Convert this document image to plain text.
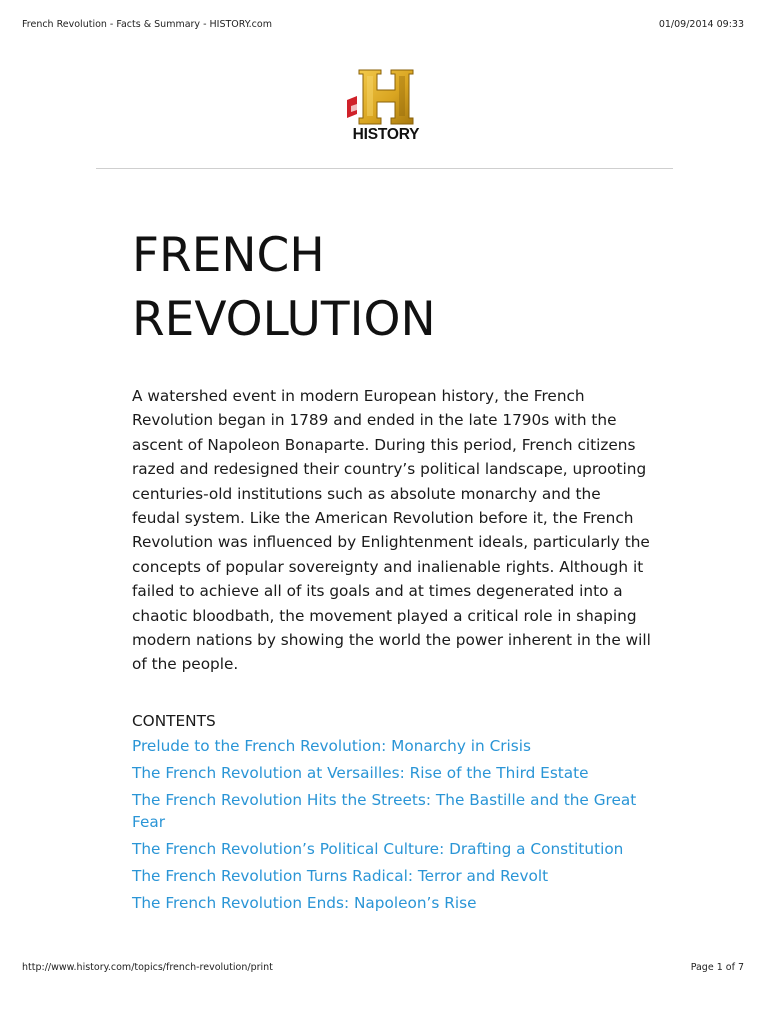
French Revolution - Facts & Summary - HISTORY.com	01/09/2014 09:33
HISTORY
FRENCH
REVOLUTION

A watershed event in modern European history, the French Revolution began in 1789 and ended in the late 1790s with the ascent of Napoleon Bonaparte. During this period, French citizens razed and redesigned their country’s political landscape, uprooting centuries-old institutions such as absolute monarchy and the feudal system. Like the American Revolution before it, the French Revolution was influenced by Enlightenment ideals, particularly the concepts of popular sovereignty and inalienable rights. Although it failed to achieve all of its goals and at times degenerated into a chaotic bloodbath, the movement played a critical role in shaping modern nations by showing the world the power inherent in the will of the people.

CONTENTS
Prelude to the French Revolution: Monarchy in Crisis
The French Revolution at Versailles: Rise of the Third Estate
The French Revolution Hits the Streets: The Bastille and the Great Fear
The French Revolution’s Political Culture: Drafting a Constitution
The French Revolution Turns Radical: Terror and Revolt
The French Revolution Ends: Napoleon’s Rise
http://www.history.com/topics/french-revolution/print	Page 1 of 7
